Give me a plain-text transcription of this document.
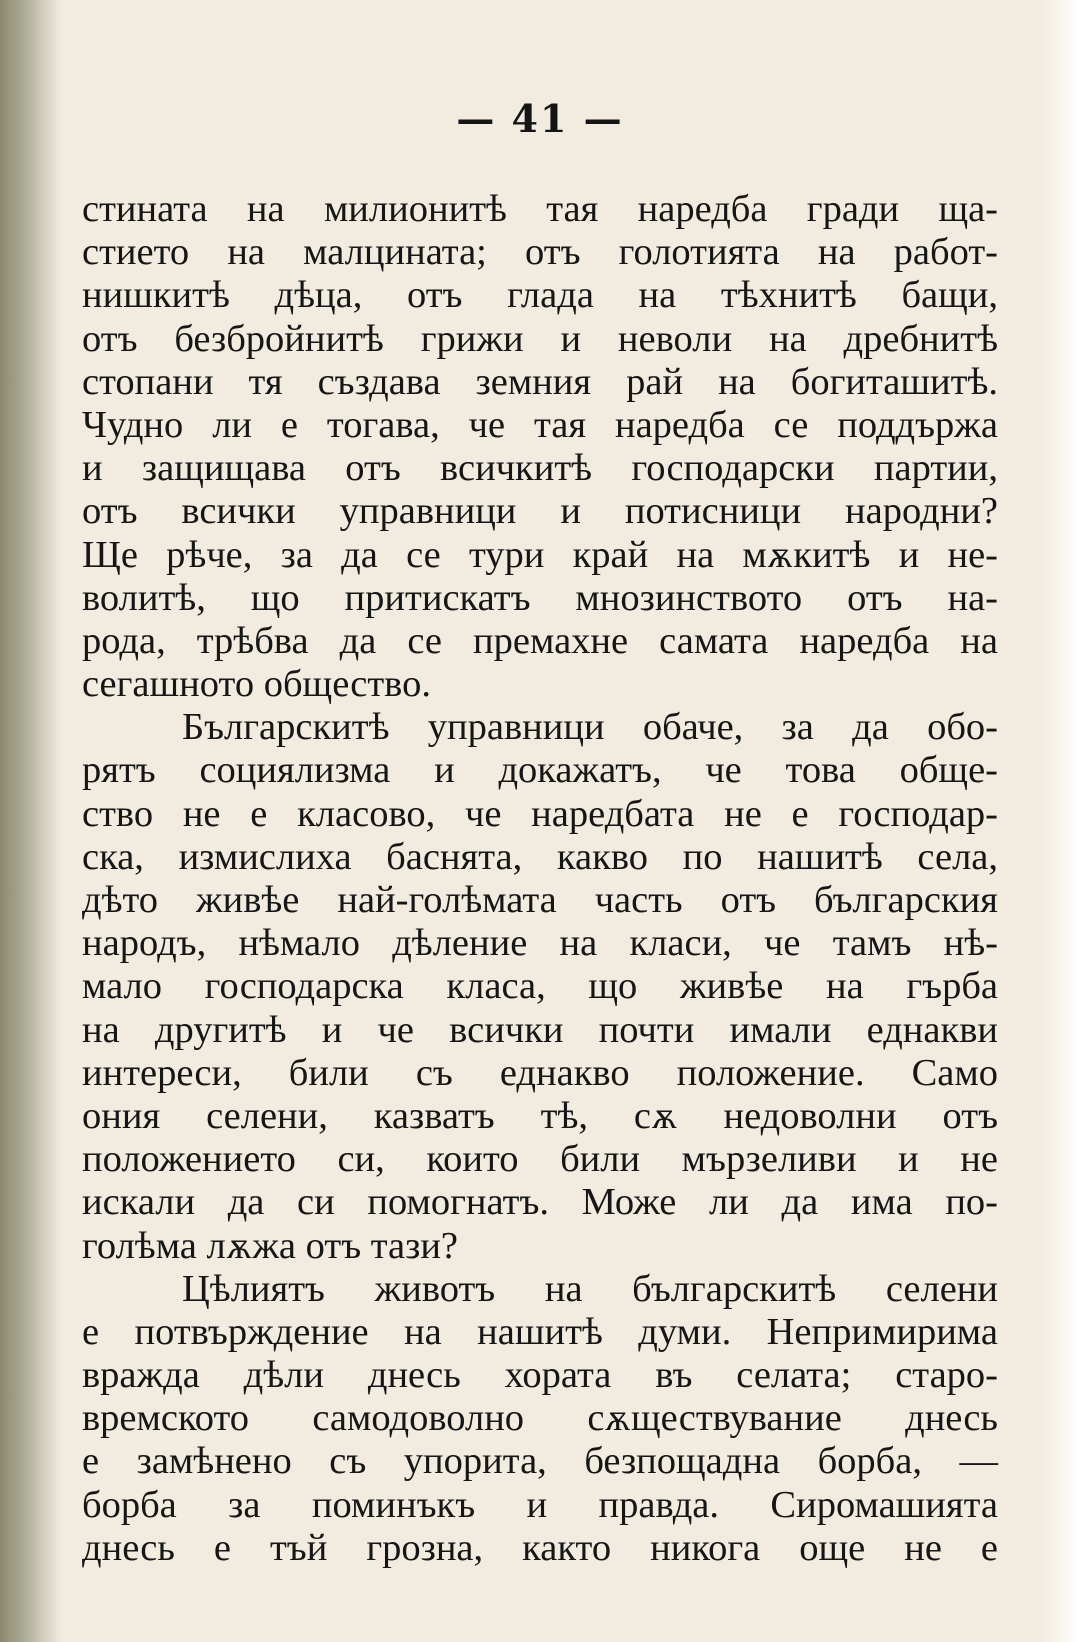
— 41 —
стината на милионитѣ тая наредба гради ща-
стието на малцината; отъ голотията на работ-
нишкитѣ дѣца, отъ глада на тѣхнитѣ бащи,
отъ безбройнитѣ грижи и неволи на дребнитѣ
стопани тя създава земния рай на богиташитѣ.
Чудно ли е тогава, че тая наредба се поддържа
и защищава отъ всичкитѣ господарски партии,
отъ всички управници и потисници народни?
Ще рѣче, за да се тури край на мѫкитѣ и не-
волитѣ, що притискатъ мнозинството отъ на-
рода, трѣбва да се премахне самата наредба на
сегашното общество.
Българскитѣ управници обаче, за да обо-
рятъ социялизма и докажатъ, че това обще-
ство не е класово, че наредбата не е господар-
ска, измислиха баснята, какво по нашитѣ села,
дѣто живѣе най-голѣмата часть отъ българския
народъ, нѣмало дѣление на класи, че тамъ нѣ-
мало господарска класа, що живѣе на гърба
на другитѣ и че всички почти имали еднакви
интереси, били съ еднакво положение. Само
ония селени, казватъ тѣ, сѫ недоволни отъ
положението си, които били мързеливи и не
искали да си помогнатъ. Може ли да има по-
голѣма лѫжа отъ тази?
Цѣлиятъ животъ на българскитѣ селени
е потвърждение на нашитѣ думи. Непримирима
вражда дѣли днесь хората въ селата; старо-
времското самодоволно сѫществувание днесь
е замѣнено съ упорита, безпощадна борба, —
борба за поминъкъ и правда. Сиромашията
днесь е тъй грозна, както никога още не е
